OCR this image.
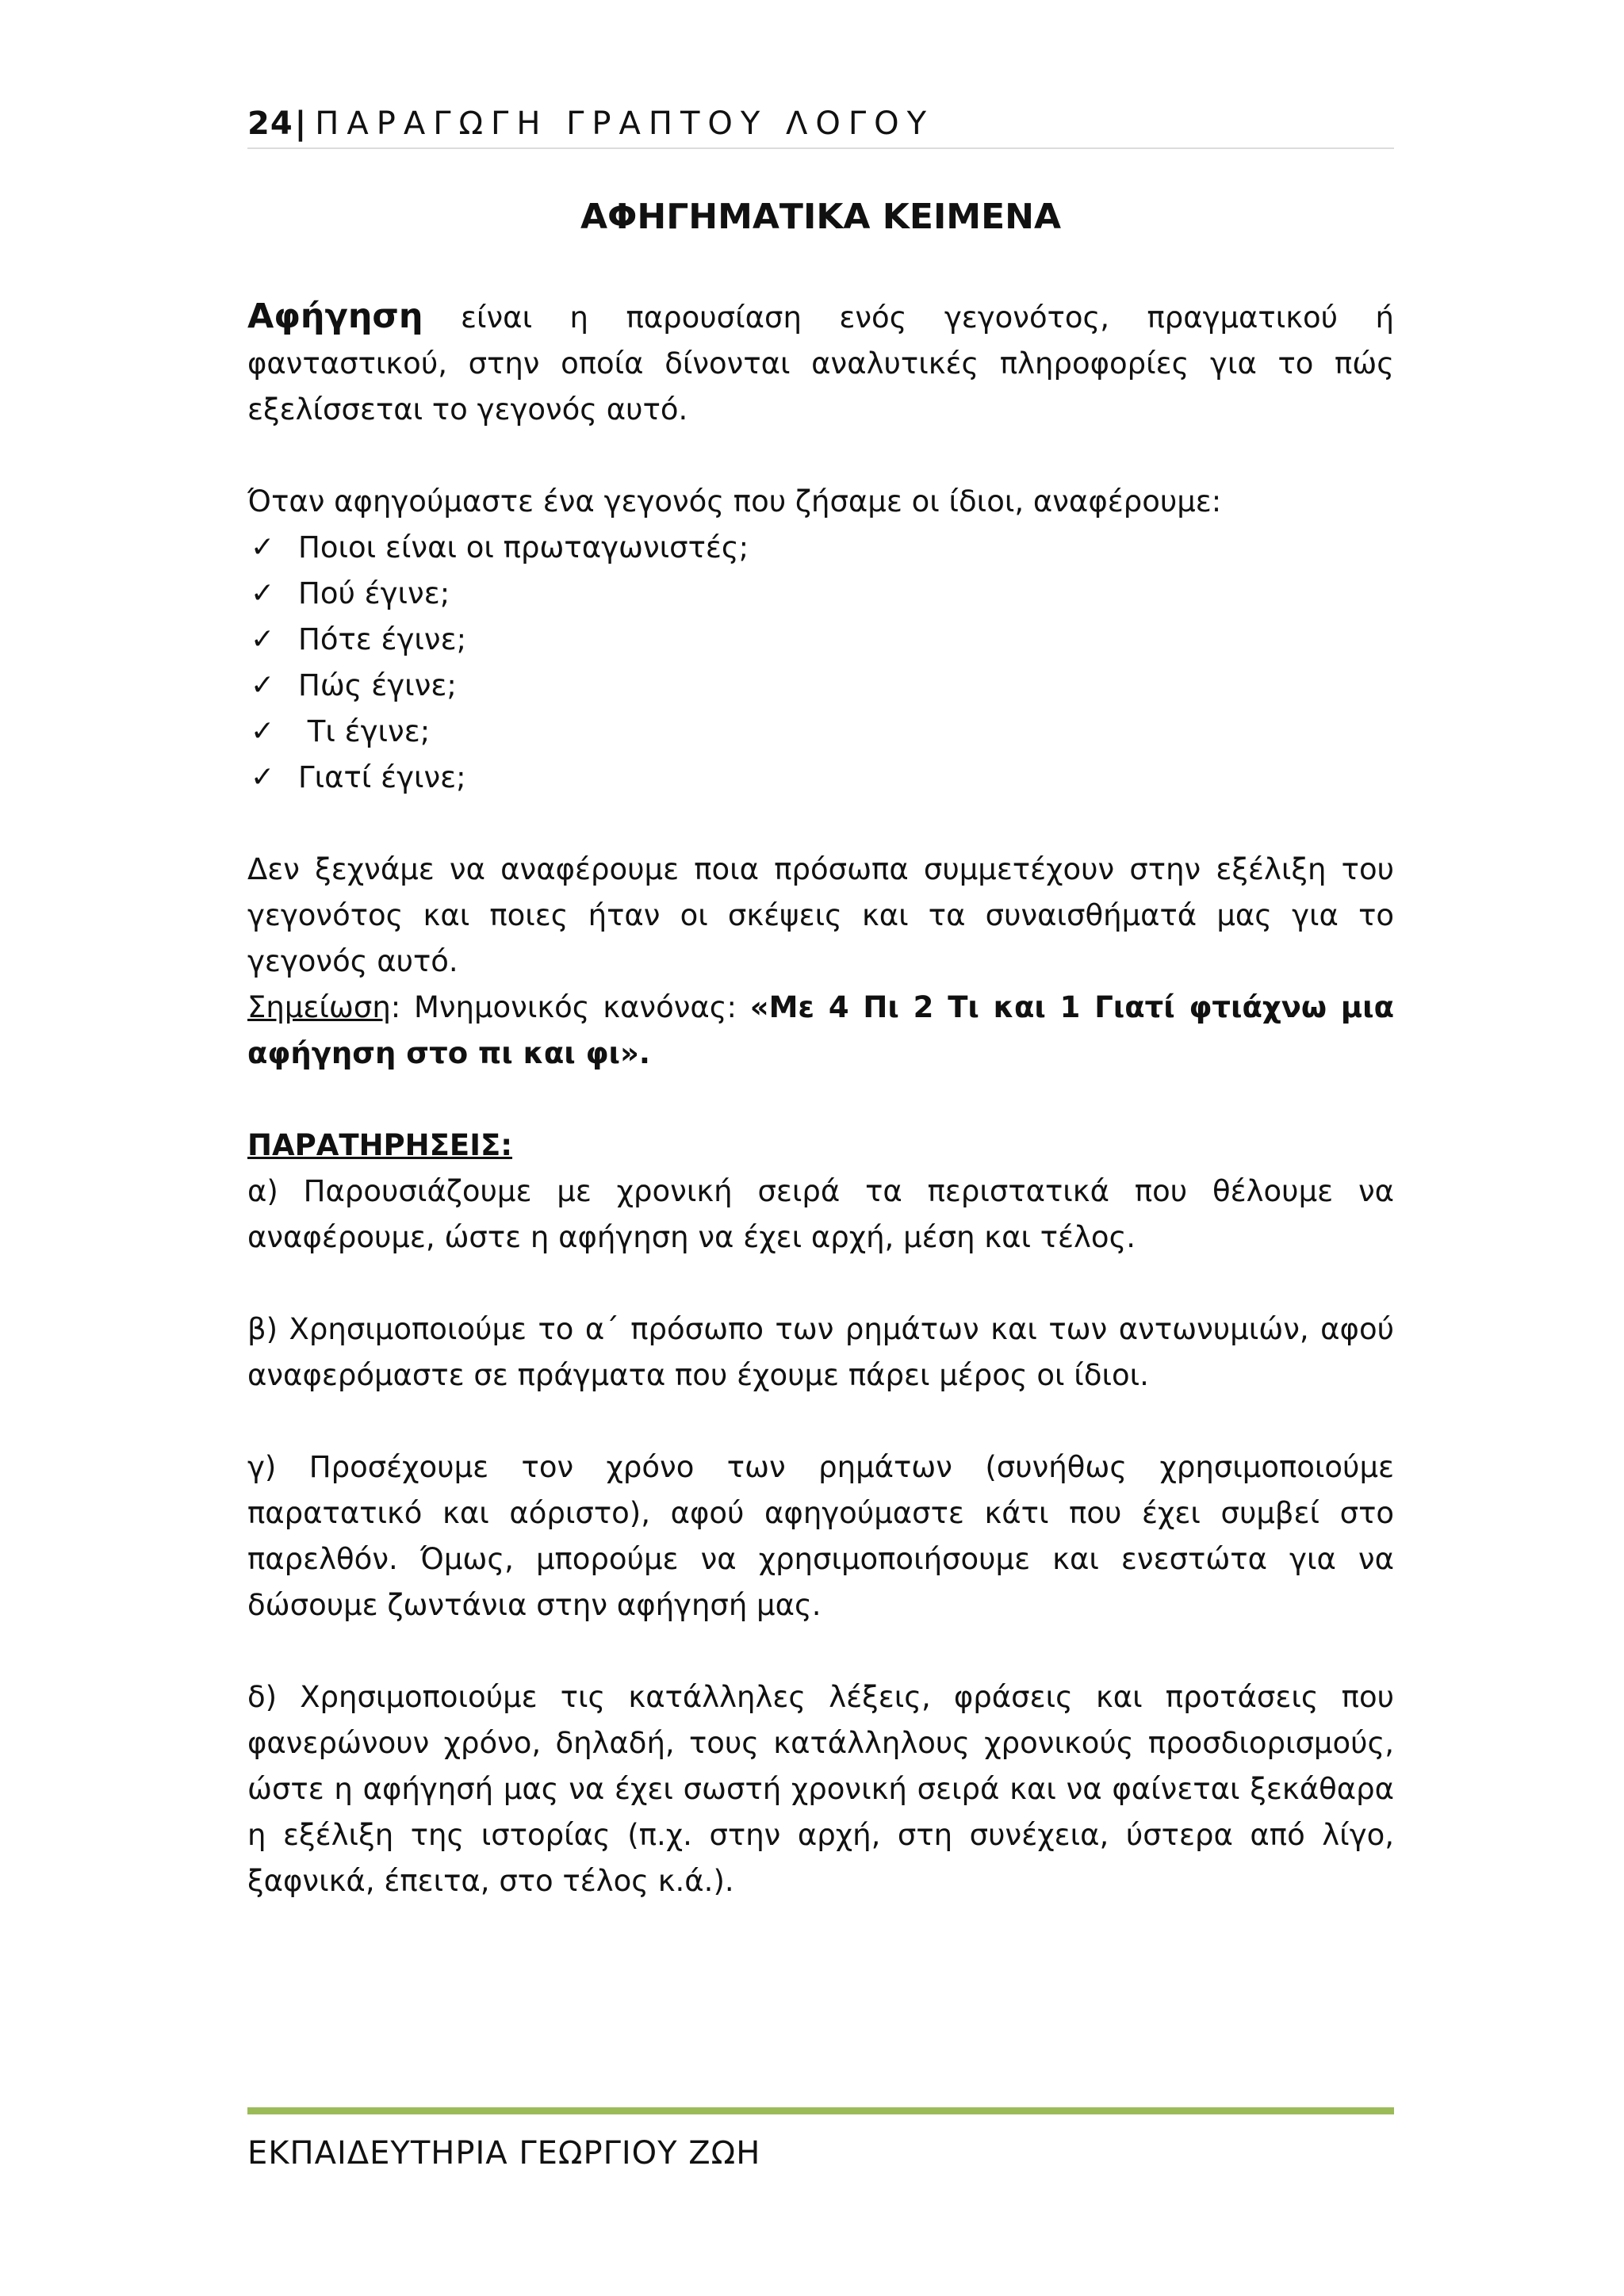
24| ΠΑΡΑΓΩΓΗ ΓΡΑΠΤΟΥ ΛΟΓΟΥ
ΑΦΗΓΗΜΑΤΙΚΑ ΚΕΙΜΕΝΑ

Αφήγηση είναι η παρουσίαση ενός γεγονότος, πραγματικού ή φανταστικού, στην οποία δίνονται αναλυτικές πληροφορίες για το πώς εξελίσσεται το γεγονός αυτό.

Όταν αφηγούμαστε ένα γεγονός που ζήσαμε οι ίδιοι, αναφέρουμε:

✓ Ποιοι είναι οι πρωταγωνιστές;
✓ Πού έγινε;
✓ Πότε έγινε;
✓ Πώς έγινε;
✓ Τι έγινε;
✓ Γιατί έγινε;

Δεν ξεχνάμε να αναφέρουμε ποια πρόσωπα συμμετέχουν στην εξέλιξη του γεγονότος και ποιες ήταν οι σκέψεις και τα συναισθήματά μας για το γεγονός αυτό.

Σημείωση: Μνημονικός κανόνας: «Με 4 Πι 2 Τι και 1 Γιατί φτιάχνω μια αφήγηση στο πι και φι».

ΠΑΡΑΤΗΡΗΣΕΙΣ:

α) Παρουσιάζουμε με χρονική σειρά τα περιστατικά που θέλουμε να αναφέρουμε, ώστε η αφήγηση να έχει αρχή, μέση και τέλος.

β) Χρησιμοποιούμε το α΄ πρόσωπο των ρημάτων και των αντωνυμιών, αφού αναφερόμαστε σε πράγματα που έχουμε πάρει μέρος οι ίδιοι.

γ) Προσέχουμε τον χρόνο των ρημάτων (συνήθως χρησιμοποιούμε παρατατικό και αόριστο), αφού αφηγούμαστε κάτι που έχει συμβεί στο παρελθόν. Όμως, μπορούμε να χρησιμοποιήσουμε και ενεστώτα για να δώσουμε ζωντάνια στην αφήγησή μας.

δ) Χρησιμοποιούμε τις κατάλληλες λέξεις, φράσεις και προτάσεις που φανερώνουν χρόνο, δηλαδή, τους κατάλληλους χρονικούς προσδιορισμούς, ώστε η αφήγησή μας να έχει σωστή χρονική σειρά και να φαίνεται ξεκάθαρα η εξέλιξη της ιστορίας (π.χ. στην αρχή, στη συνέχεια, ύστερα από λίγο, ξαφνικά, έπειτα, στο τέλος κ.ά.).

ΕΚΠΑΙΔΕΥΤΗΡΙΑ ΓΕΩΡΓΙΟΥ ΖΩΗ
